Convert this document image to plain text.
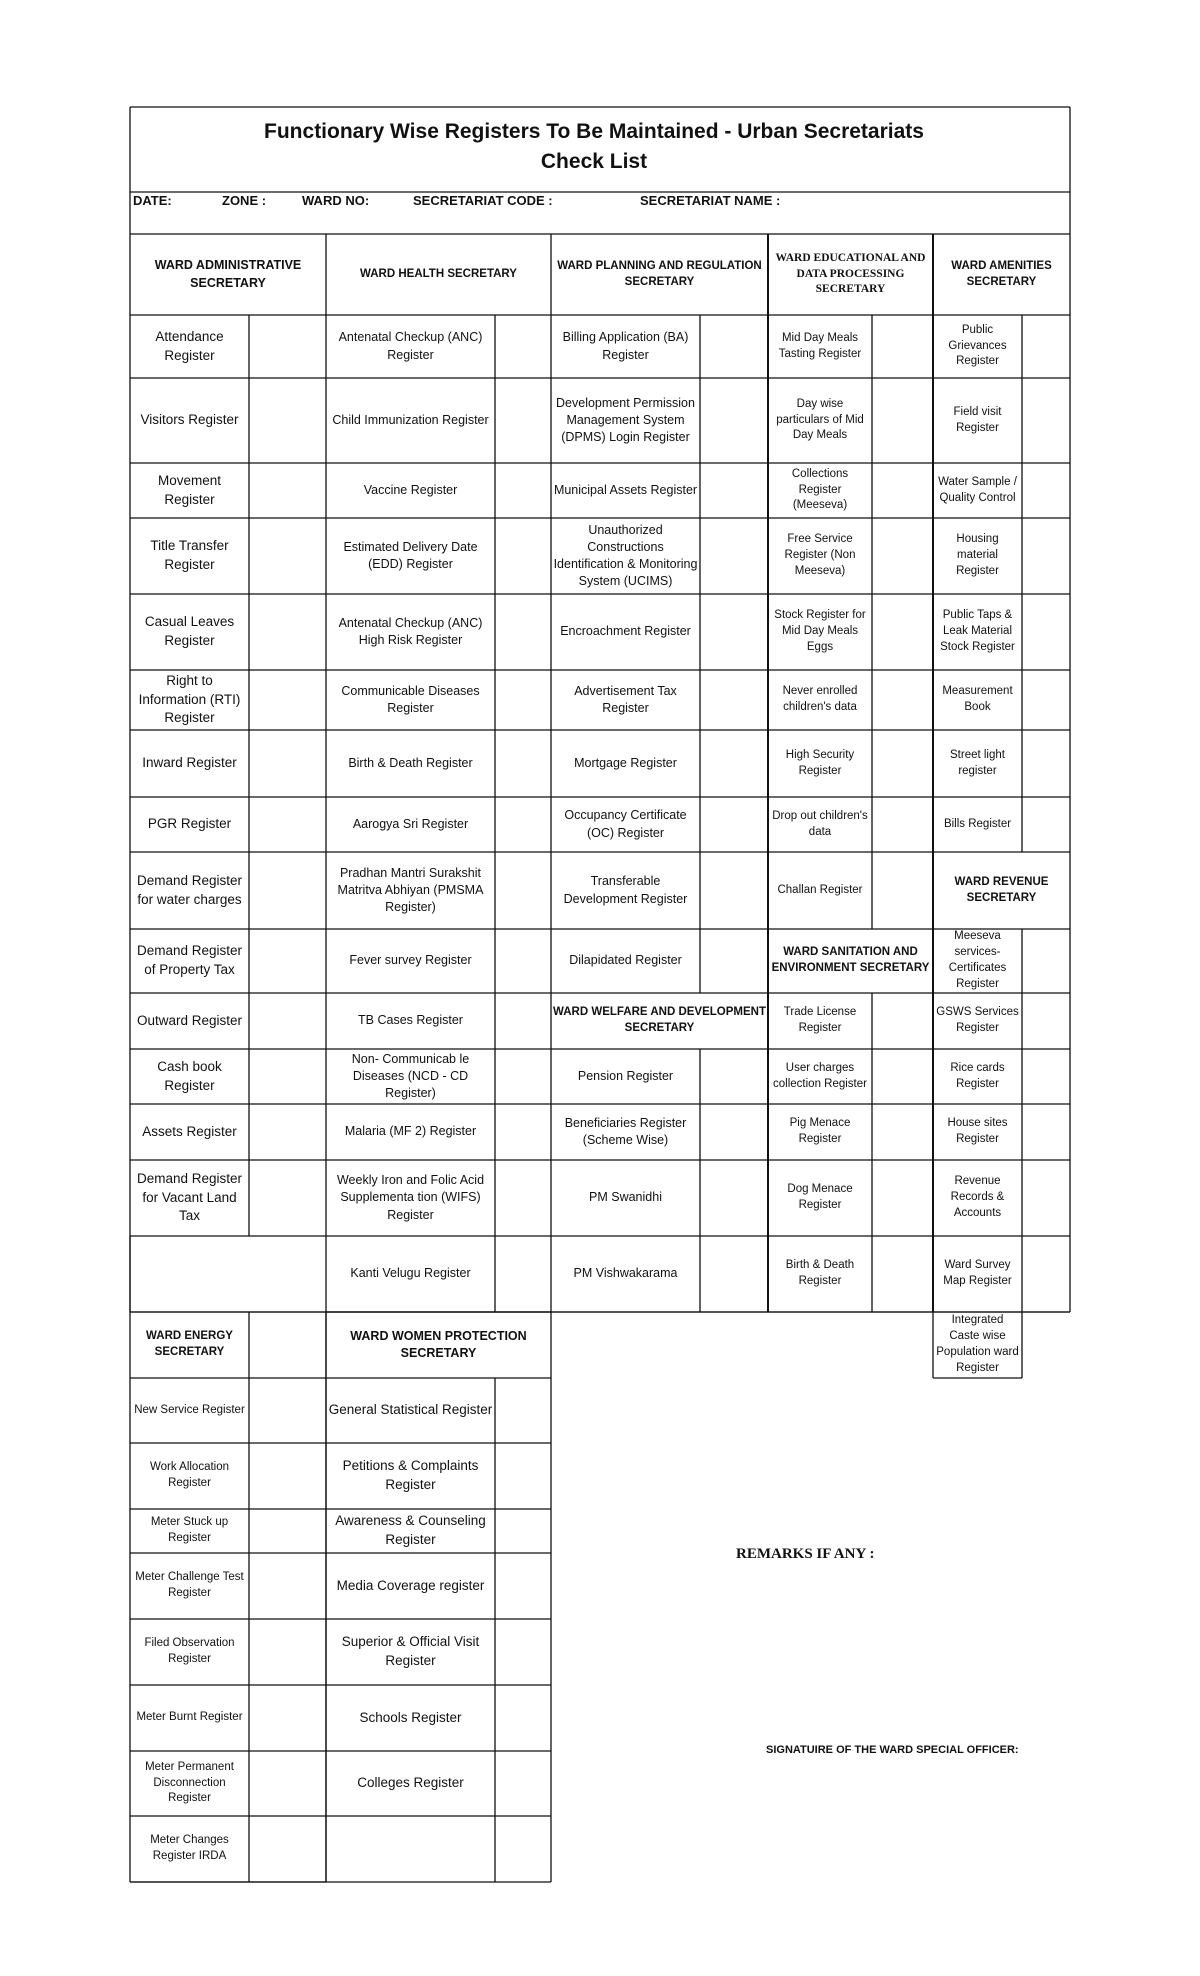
Functionary Wise Registers To Be Maintained - Urban Secretariats
Check List
DATE:	ZONE :	WARD NO:	SECRETARIAT CODE :	SECRETARIAT NAME :
WARD ADMINISTRATIVE SECRETARY
Attendance Register
Visitors Register
Movement Register
Title Transfer Register
Casual Leaves Register
Right to Information (RTI) Register
Inward Register
PGR Register
Demand Register for water charges
Demand Register of Property Tax
Outward Register
Cash book Register
Assets Register
Demand Register for Vacant Land Tax
WARD HEALTH SECRETARY
Antenatal Checkup (ANC) Register
Child Immunization Register
Vaccine Register
Estimated Delivery Date (EDD) Register
Antenatal Checkup (ANC) High Risk Register
Communicable Diseases Register
Birth & Death Register
Aarogya Sri Register
Pradhan Mantri Surakshit Matritva Abhiyan (PMSMA Register)
Fever survey Register
TB Cases Register
Non- Communicab le Diseases (NCD - CD Register)
Malaria (MF 2) Register
Weekly Iron and Folic Acid Supplementa tion (WIFS) Register
Kanti Velugu Register
WARD PLANNING AND REGULATION SECRETARY
Billing Application (BA) Register
Development Permission Management System (DPMS) Login Register
Municipal Assets Register
Unauthorized Constructions Identification & Monitoring System (UCIMS)
Encroachment Register
Advertisement Tax Register
Mortgage Register
Occupancy Certificate (OC) Register
Transferable Development Register
Dilapidated Register
WARD WELFARE AND DEVELOPMENT SECRETARY
Pension Register
Beneficiaries Register (Scheme Wise)
PM Swanidhi
PM Vishwakarama
WARD EDUCATIONAL AND DATA PROCESSING SECRETARY
Mid Day Meals Tasting Register
Day wise particulars of Mid Day Meals
Collections Register (Meeseva)
Free Service Register (Non Meeseva)
Stock Register for Mid Day Meals Eggs
Never enrolled children's data
High Security Register
Drop out children's data
Challan Register
WARD SANITATION AND ENVIRONMENT SECRETARY
Trade License Register
User charges collection Register
Pig Menace Register
Dog Menace Register
Birth & Death Register
WARD AMENITIES SECRETARY
Public Grievances Register
Field visit Register
Water Sample / Quality Control
Housing material Register
Public Taps & Leak Material Stock Register
Measurement Book
Street light register
Bills Register
WARD REVENUE SECRETARY
Meeseva services- Certificates Register
GSWS Services Register
Rice cards Register
House sites Register
Revenue Records & Accounts
Ward Survey Map Register
Integrated Caste wise Population ward Register
WARD ENERGY SECRETARY
New Service Register
Work Allocation Register
Meter Stuck up Register
Meter Challenge Test Register
Filed Observation Register
Meter Burnt Register
Meter Permanent Disconnection Register
Meter Changes Register IRDA
WARD WOMEN PROTECTION SECRETARY
General Statistical Register
Petitions & Complaints Register
Awareness & Counseling Register
Media Coverage register
Superior & Official Visit Register
Schools Register
Colleges Register
REMARKS IF ANY :
SIGNATUIRE OF THE WARD SPECIAL OFFICER:
